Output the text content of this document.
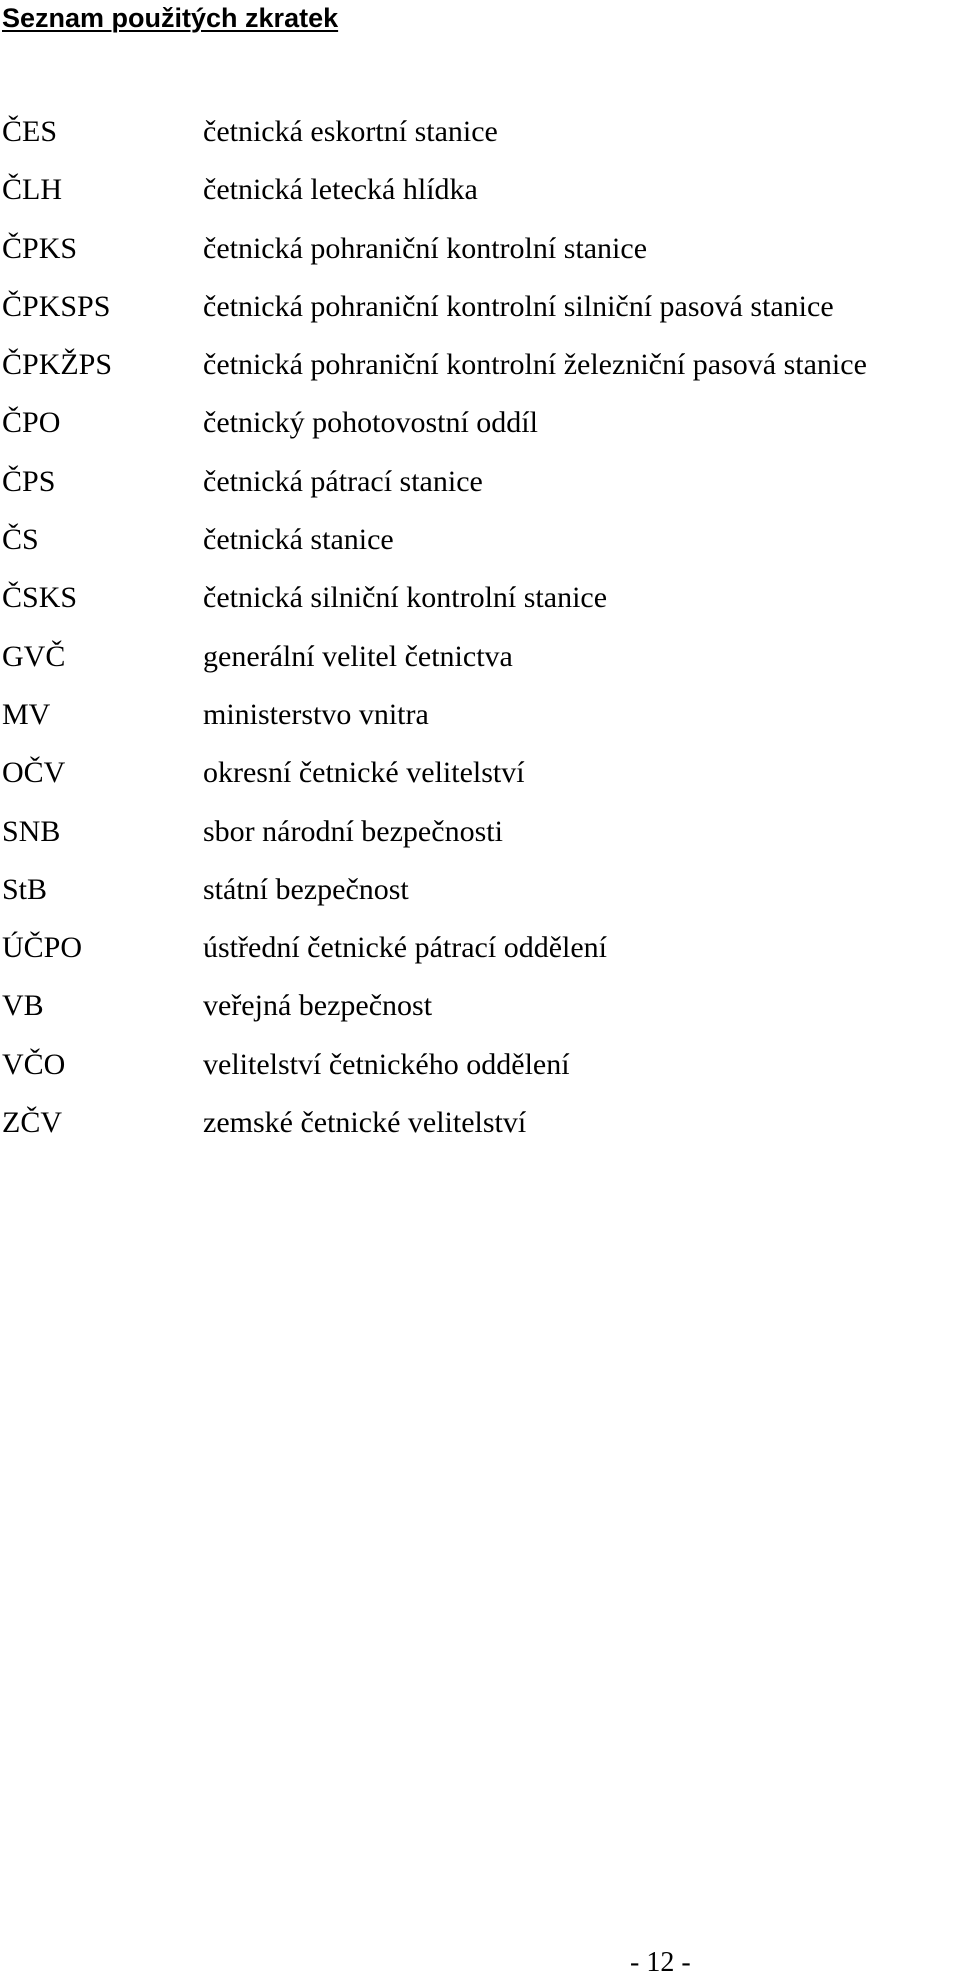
Seznam použitých zkratek
ČES	četnická eskortní stanice
ČLH	četnická letecká hlídka
ČPKS	četnická pohraniční kontrolní stanice
ČPKSPS	četnická pohraniční kontrolní silniční pasová stanice
ČPKŽPS	četnická pohraniční kontrolní železniční pasová stanice
ČPO	četnický pohotovostní oddíl
ČPS	četnická pátrací stanice
ČS	četnická stanice
ČSKS	četnická silniční kontrolní stanice
GVČ	generální velitel četnictva
MV	ministerstvo vnitra
OČV	okresní četnické velitelství
SNB	sbor národní bezpečnosti
StB	státní bezpečnost
ÚČPO	ústřední četnické pátrací oddělení
VB	veřejná bezpečnost
VČO	velitelství četnického oddělení
ZČV	zemské četnické velitelství
- 12 -
